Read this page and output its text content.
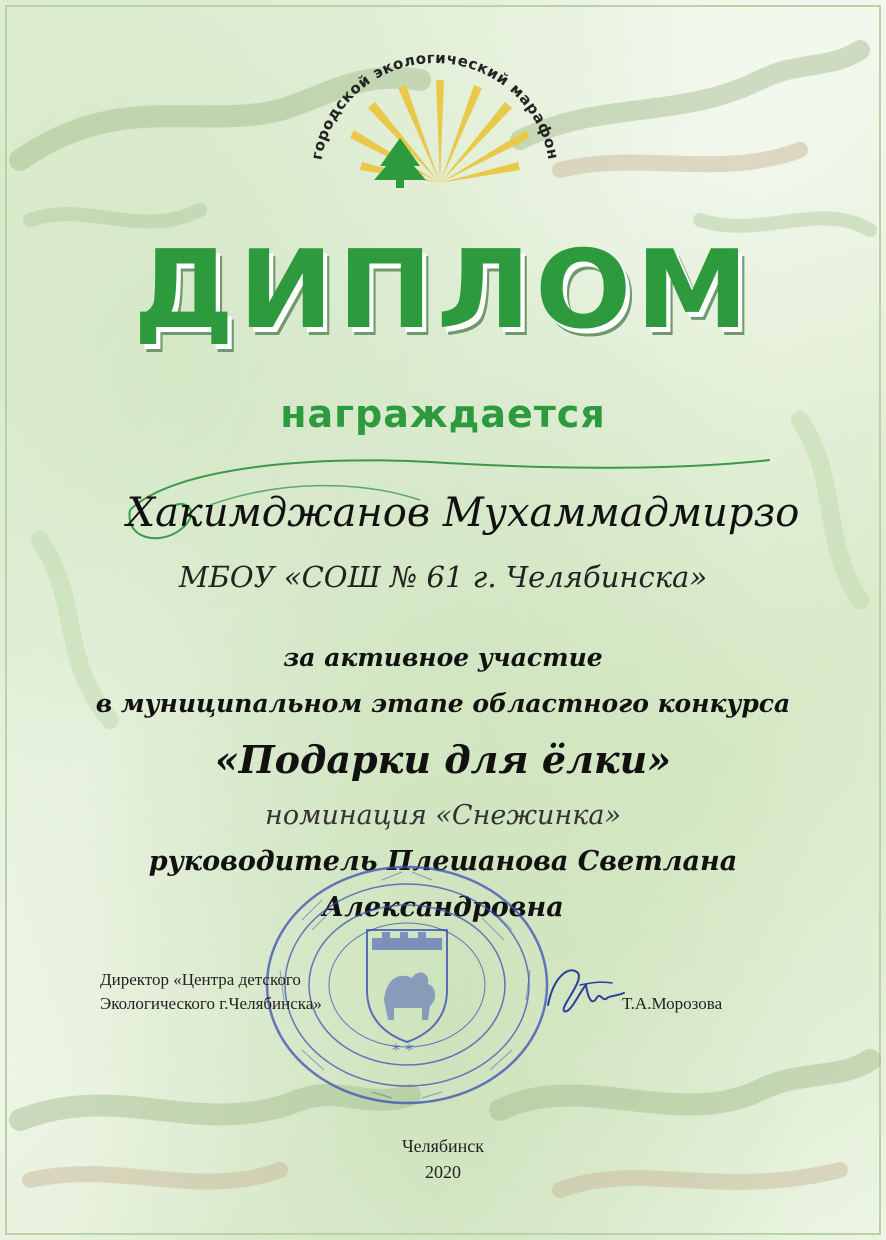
городской экологический марафон
ДИПЛОМ
награждается
Хакимджанов Мухаммадмирзо
МБОУ «СОШ № 61 г. Челябинска»
за активное участие
в муниципальном этапе областного конкурса
«Подарки для ёлки»
номинация «Снежинка»
руководитель Плешанова Светлана
Александровна
* *
Директор «Центра детского
Экологического г.Челябинска»	Т.А.Морозова
Челябинск
2020
